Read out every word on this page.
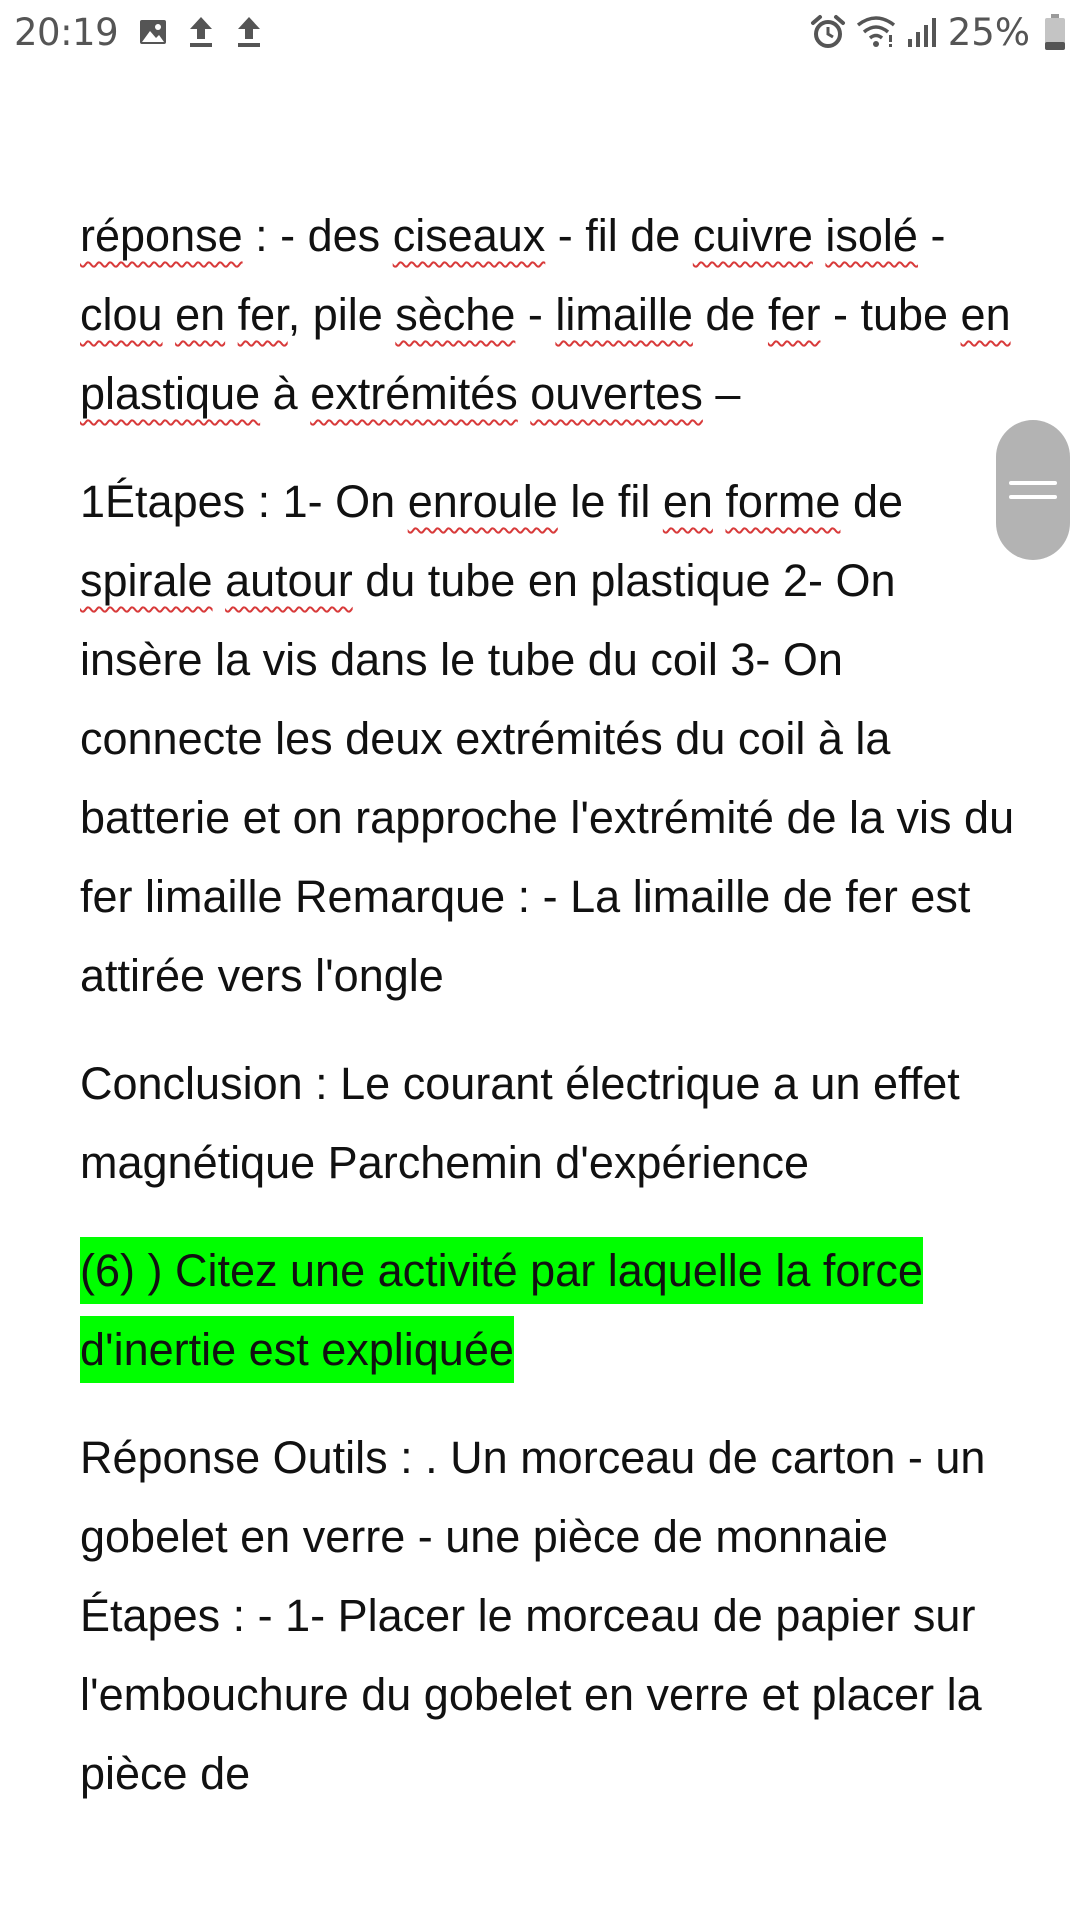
20:19	25%

réponse : - des ciseaux - fil de cuivre isolé - clou en fer, pile sèche - limaille de fer - tube en plastique à extrémités ouvertes –

1Étapes : 1- On enroule le fil en forme de spirale autour du tube en plastique 2- On insère la vis dans le tube du coil 3- On connecte les deux extrémités du coil à la batterie et on rapproche l'extrémité de la vis du fer limaille Remarque : - La limaille de fer est attirée vers l'ongle

Conclusion : Le courant électrique a un effet magnétique Parchemin d'expérience

(6) ) Citez une activité par laquelle la force d'inertie est expliquée

Réponse Outils : . Un morceau de carton - un gobelet en verre - une pièce de monnaie Étapes : - 1- Placer le morceau de papier sur l'embouchure du gobelet en verre et placer la pièce de
